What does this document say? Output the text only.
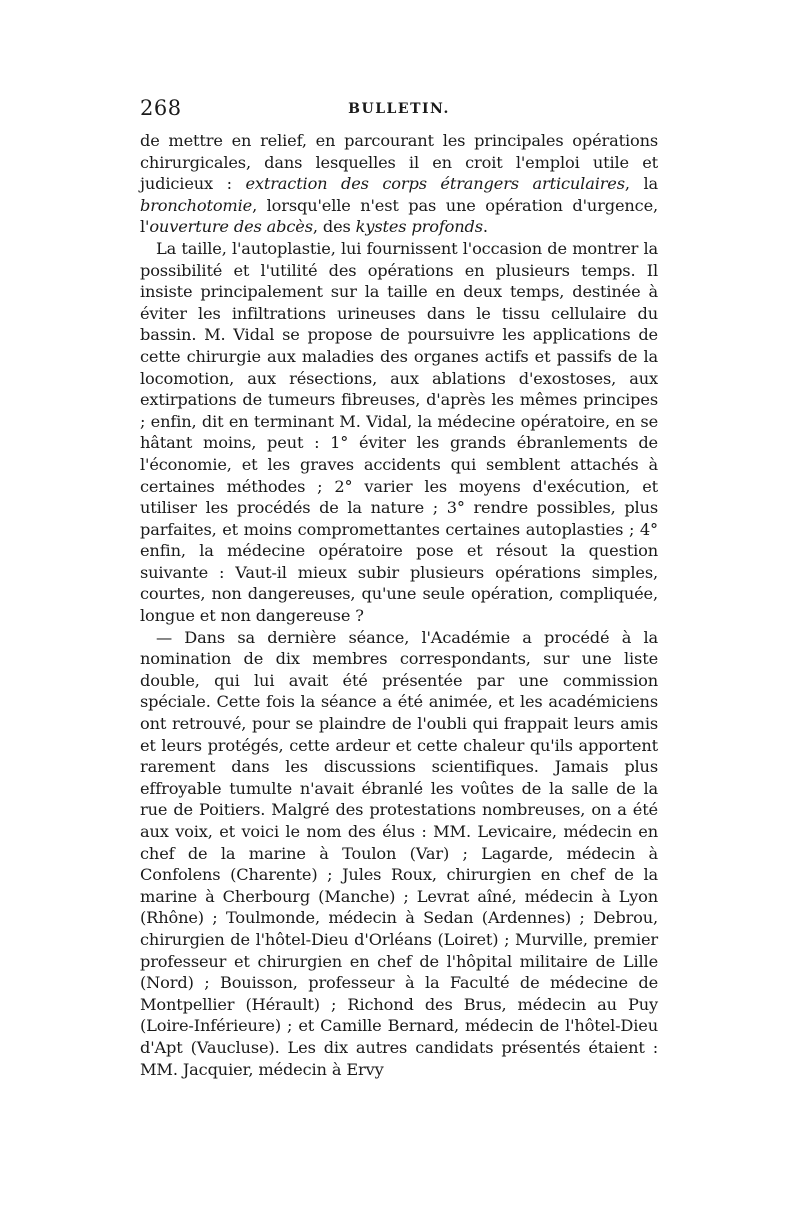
268	BULLETIN.

de mettre en relief, en parcourant les principales opérations chirurgicales, dans lesquelles il en croit l'emploi utile et judicieux : extraction des corps étrangers articulaires, la bronchotomie, lorsqu'elle n'est pas une opération d'urgence, l'ouverture des abcès, des kystes profonds.

La taille, l'autoplastie, lui fournissent l'occasion de montrer la possibilité et l'utilité des opérations en plusieurs temps. Il insiste principalement sur la taille en deux temps, destinée à éviter les infiltrations urineuses dans le tissu cellulaire du bassin. M. Vidal se propose de poursuivre les applications de cette chirurgie aux maladies des organes actifs et passifs de la locomotion, aux résections, aux ablations d'exostoses, aux extirpations de tumeurs fibreuses, d'après les mêmes principes ; enfin, dit en terminant M. Vidal, la médecine opératoire, en se hâtant moins, peut : 1° éviter les grands ébranlements de l'économie, et les graves accidents qui semblent attachés à certaines méthodes ; 2° varier les moyens d'exécution, et utiliser les procédés de la nature ; 3° rendre possibles, plus parfaites, et moins compromettantes certaines autoplasties ; 4° enfin, la médecine opératoire pose et résout la question suivante : Vaut-il mieux subir plusieurs opérations simples, courtes, non dangereuses, qu'une seule opération, compliquée, longue et non dangereuse ?

— Dans sa dernière séance, l'Académie a procédé à la nomination de dix membres correspondants, sur une liste double, qui lui avait été présentée par une commission spéciale. Cette fois la séance a été animée, et les académiciens ont retrouvé, pour se plaindre de l'oubli qui frappait leurs amis et leurs protégés, cette ardeur et cette chaleur qu'ils apportent rarement dans les discussions scientifiques. Jamais plus effroyable tumulte n'avait ébranlé les voûtes de la salle de la rue de Poitiers. Malgré des protestations nombreuses, on a été aux voix, et voici le nom des élus : MM. Levicaire, médecin en chef de la marine à Toulon (Var) ; Lagarde, médecin à Confolens (Charente) ; Jules Roux, chirurgien en chef de la marine à Cherbourg (Manche) ; Levrat aîné, médecin à Lyon (Rhône) ; Toulmonde, médecin à Sedan (Ardennes) ; Debrou, chirurgien de l'hôtel-Dieu d'Orléans (Loiret) ; Murville, premier professeur et chirurgien en chef de l'hôpital militaire de Lille (Nord) ; Bouisson, professeur à la Faculté de médecine de Montpellier (Hérault) ; Richond des Brus, médecin au Puy (Loire-Inférieure) ; et Camille Bernard, médecin de l'hôtel-Dieu d'Apt (Vaucluse). Les dix autres candidats présentés étaient : MM. Jacquier, médecin à Ervy
